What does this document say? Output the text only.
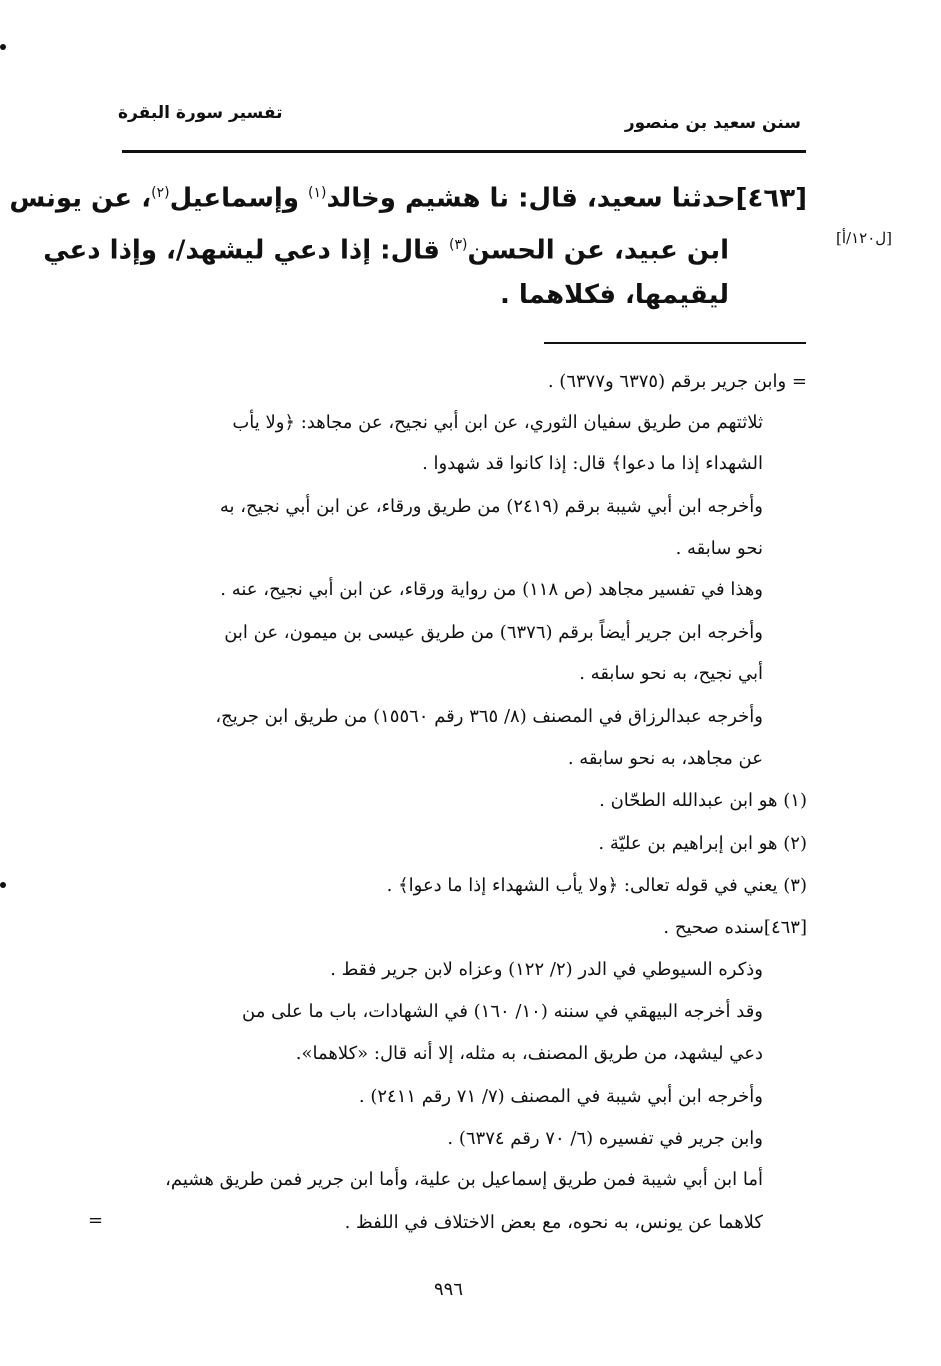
سنن سعيد بن منصور
تفسير سورة البقرة
[ل١٢٠/أ]
[٤٦٣]حدثنا سعيد، قال: نا هشيم وخالد$^{(١)}$ وإسماعيل$^{(٢)}$، عن يونس
ابن عبيد، عن الحسن$^{(٣)}$ قال: إذا دعي ليشهد/، وإذا دعي
ليقيمها، فكلاهما .
= وابن جرير برقم (٦٣٧٥ و٦٣٧٧) .
ثلاثتهم من طريق سفيان الثوري، عن ابن أبي نجيح، عن مجاهد: ﴿ولا يأب
الشهداء إذا ما دعوا﴾ قال: إذا كانوا قد شهدوا .
وأخرجه ابن أبي شيبة برقم (٢٤١٩) من طريق ورقاء، عن ابن أبي نجيح، به
نحو سابقه .
وهذا في تفسير مجاهد (ص ١١٨) من رواية ورقاء، عن ابن أبي نجيح، عنه .
وأخرجه ابن جرير أيضاً برقم (٦٣٧٦) من طريق عيسى بن ميمون، عن ابن
أبي نجيح، به نحو سابقه .
وأخرجه عبدالرزاق في المصنف (٨/ ٣٦٥ رقم ١٥٥٦٠) من طريق ابن جريج،
عن مجاهد، به نحو سابقه .
(١) هو ابن عبدالله الطحّان .
(٢) هو ابن إبراهيم بن عليّة .
(٣) يعني في قوله تعالى: ﴿ولا يأب الشهداء إذا ما دعوا﴾ .
[٤٦٣]سنده صحيح .
وذكره السيوطي في الدر (٢/ ١٢٢) وعزاه لابن جرير فقط .
وقد أخرجه البيهقي في سننه (١٠/ ١٦٠) في الشهادات، باب ما على من
دعي ليشهد، من طريق المصنف، به مثله، إلا أنه قال: «كلاهما».
وأخرجه ابن أبي شيبة في المصنف (٧/ ٧١ رقم ٢٤١١) .
وابن جرير في تفسيره (٦/ ٧٠ رقم ٦٣٧٤) .
أما ابن أبي شيبة فمن طريق إسماعيل بن علية، وأما ابن جرير فمن طريق هشيم،
كلاهما عن يونس، به نحوه، مع بعض الاختلاف في اللفظ .
=
٩٩٦
